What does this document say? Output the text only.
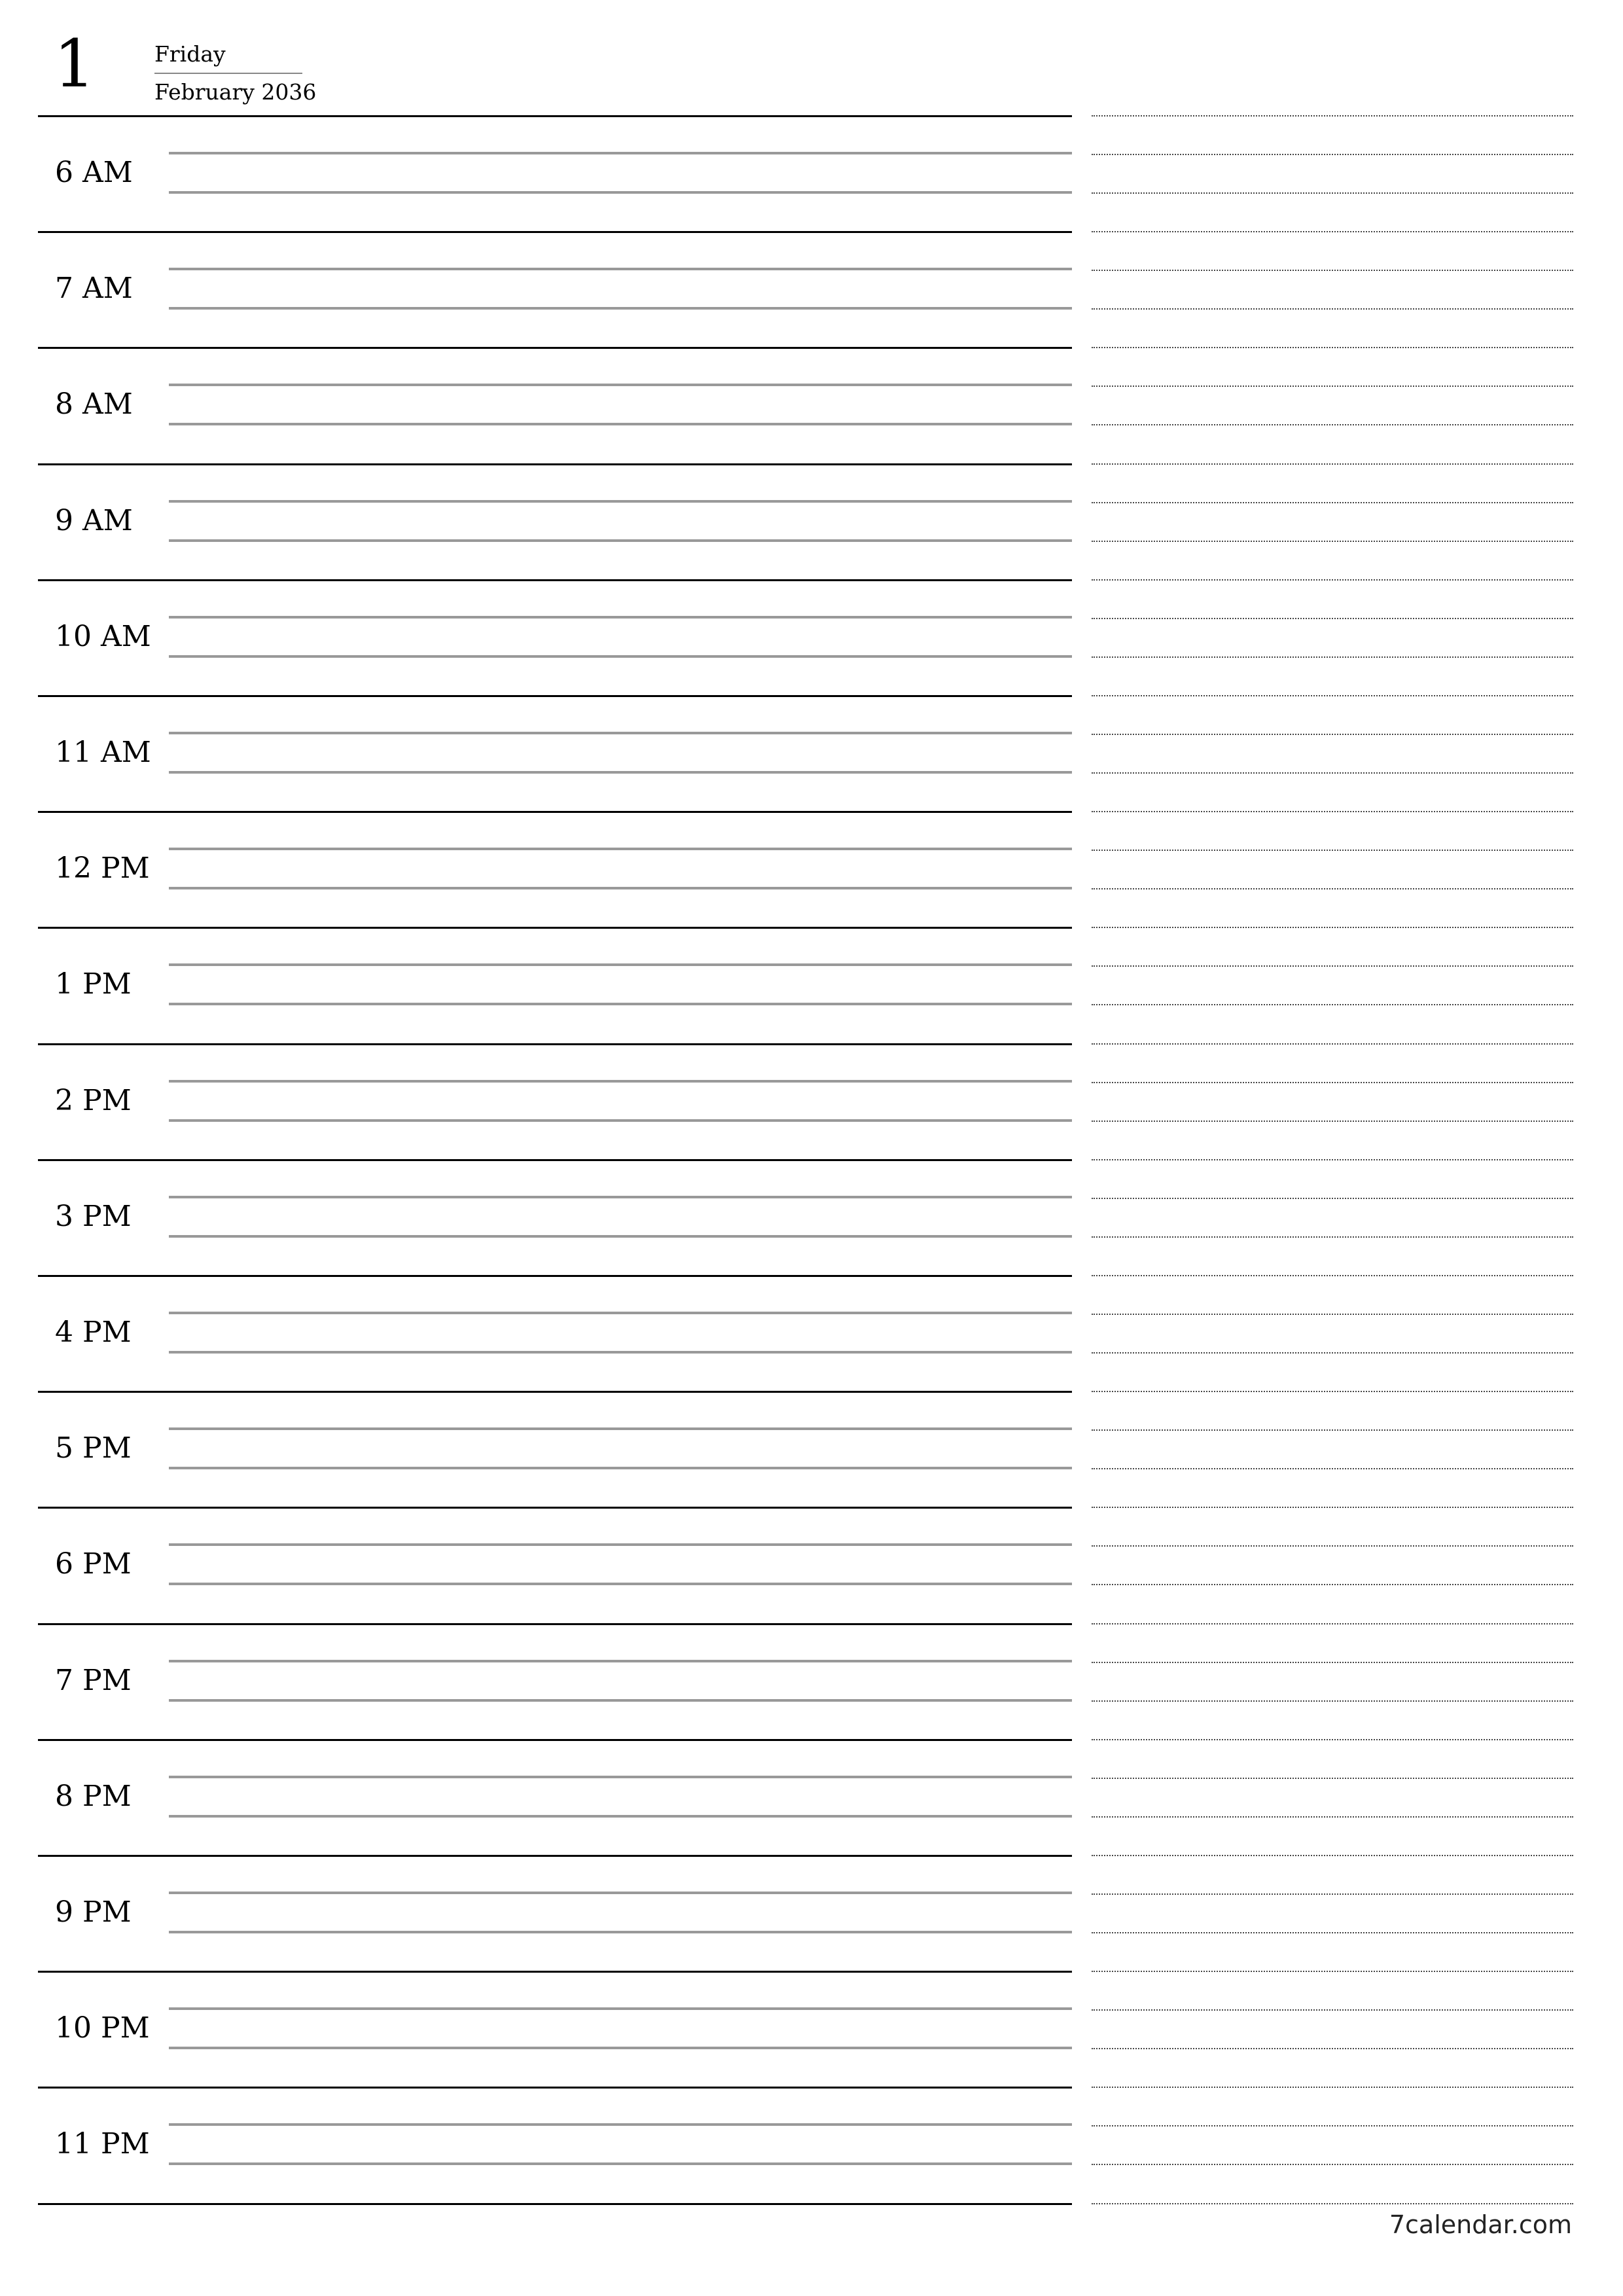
1	Friday
February 2036
6 AM
7 AM
8 AM
9 AM
10 AM
11 AM
12 PM
1 PM
2 PM
3 PM
4 PM
5 PM
6 PM
7 PM
8 PM
9 PM
10 PM
11 PM
7calendar.com
